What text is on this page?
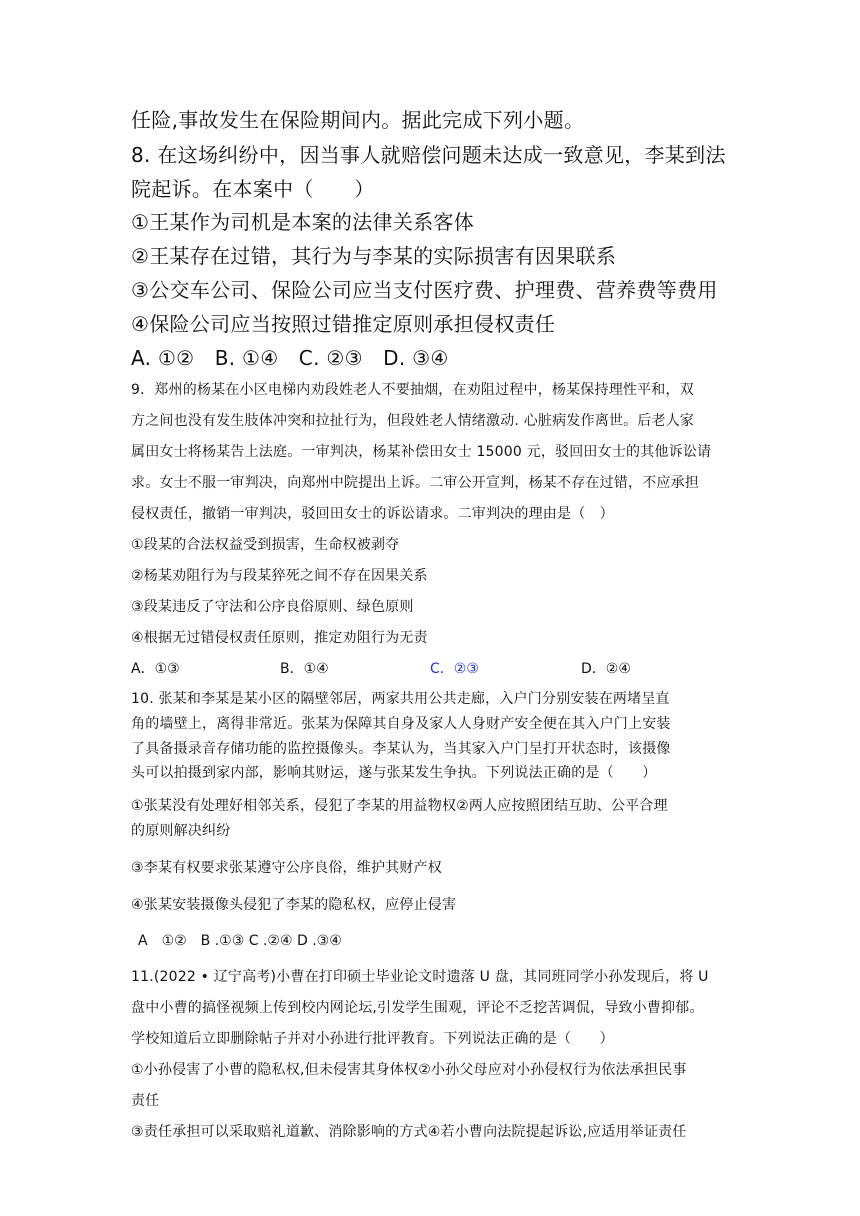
任险,事故发生在保险期间内。据此完成下列小题。
8. 在这场纠纷中，因当事人就赔偿问题未达成一致意见，李某到法
院起诉。在本案中（　　）
①王某作为司机是本案的法律关系客体
②王某存在过错，其行为与李某的实际损害有因果联系
③公交车公司、保险公司应当支付医疗费、护理费、营养费等费用
④保险公司应当按照过错推定原则承担侵权责任
A. ①②　B. ①④　C. ②③　D. ③④
9．郑州的杨某在小区电梯内劝段姓老人不要抽烟，在劝阻过程中，杨某保持理性平和，双
方之间也没有发生肢体冲突和拉扯行为，但段姓老人情绪激动. 心脏病发作离世。后老人家
属田女士将杨某告上法庭。一审判决，杨某补偿田女士 15000 元，驳回田女士的其他诉讼请
求。女士不服一审判决，向郑州中院提出上诉。二审公开宣判，杨某不存在过错，不应承担
侵权责任，撤销一审判决，驳回田女士的诉讼请求。二审判决的理由是（　）
①段某的合法权益受到损害，生命权被剥夺
②杨某劝阻行为与段某猝死之间不存在因果关系
③段某违反了守法和公序良俗原则、绿色原则
④根据无过错侵权责任原则，推定劝阻行为无责
A．①③	B．①④	C．②③	D．②④
10. 张某和李某是某小区的隔壁邻居，两家共用公共走廊，入户门分别安装在两堵呈直
角的墙壁上，离得非常近。张某为保障其自身及家人人身财产安全便在其入户门上安装
了具备摄录音存储功能的监控摄像头。李某认为，当其家入户门呈打开状态时，该摄像
头可以拍摄到家内部，影响其财运，遂与张某发生争执。下列说法正确的是（　　）
①张某没有处理好相邻关系，侵犯了李某的用益物权②两人应按照团结互助、公平合理
的原则解决纠纷
③李某有权要求张某遵守公序良俗，维护其财产权
④张某安装摄像头侵犯了李某的隐私权，应停止侵害
A　①②　B .①③ C .②④ D .③④
11.(2022 • 辽宁高考)小曹在打印硕士毕业论文时遗落 U 盘，其同班同学小孙发现后，将 U
盘中小曹的搞怪视频上传到校内网论坛,引发学生围观，评论不乏挖苦调侃，导致小曹抑郁。
学校知道后立即删除帖子并对小孙进行批评教育。下列说法正确的是（　　）
①小孙侵害了小曹的隐私权,但未侵害其身体权②小孙父母应对小孙侵权行为依法承担民事
责任
③责任承担可以采取赔礼道歉、消除影响的方式④若小曹向法院提起诉讼,应适用举证责任
